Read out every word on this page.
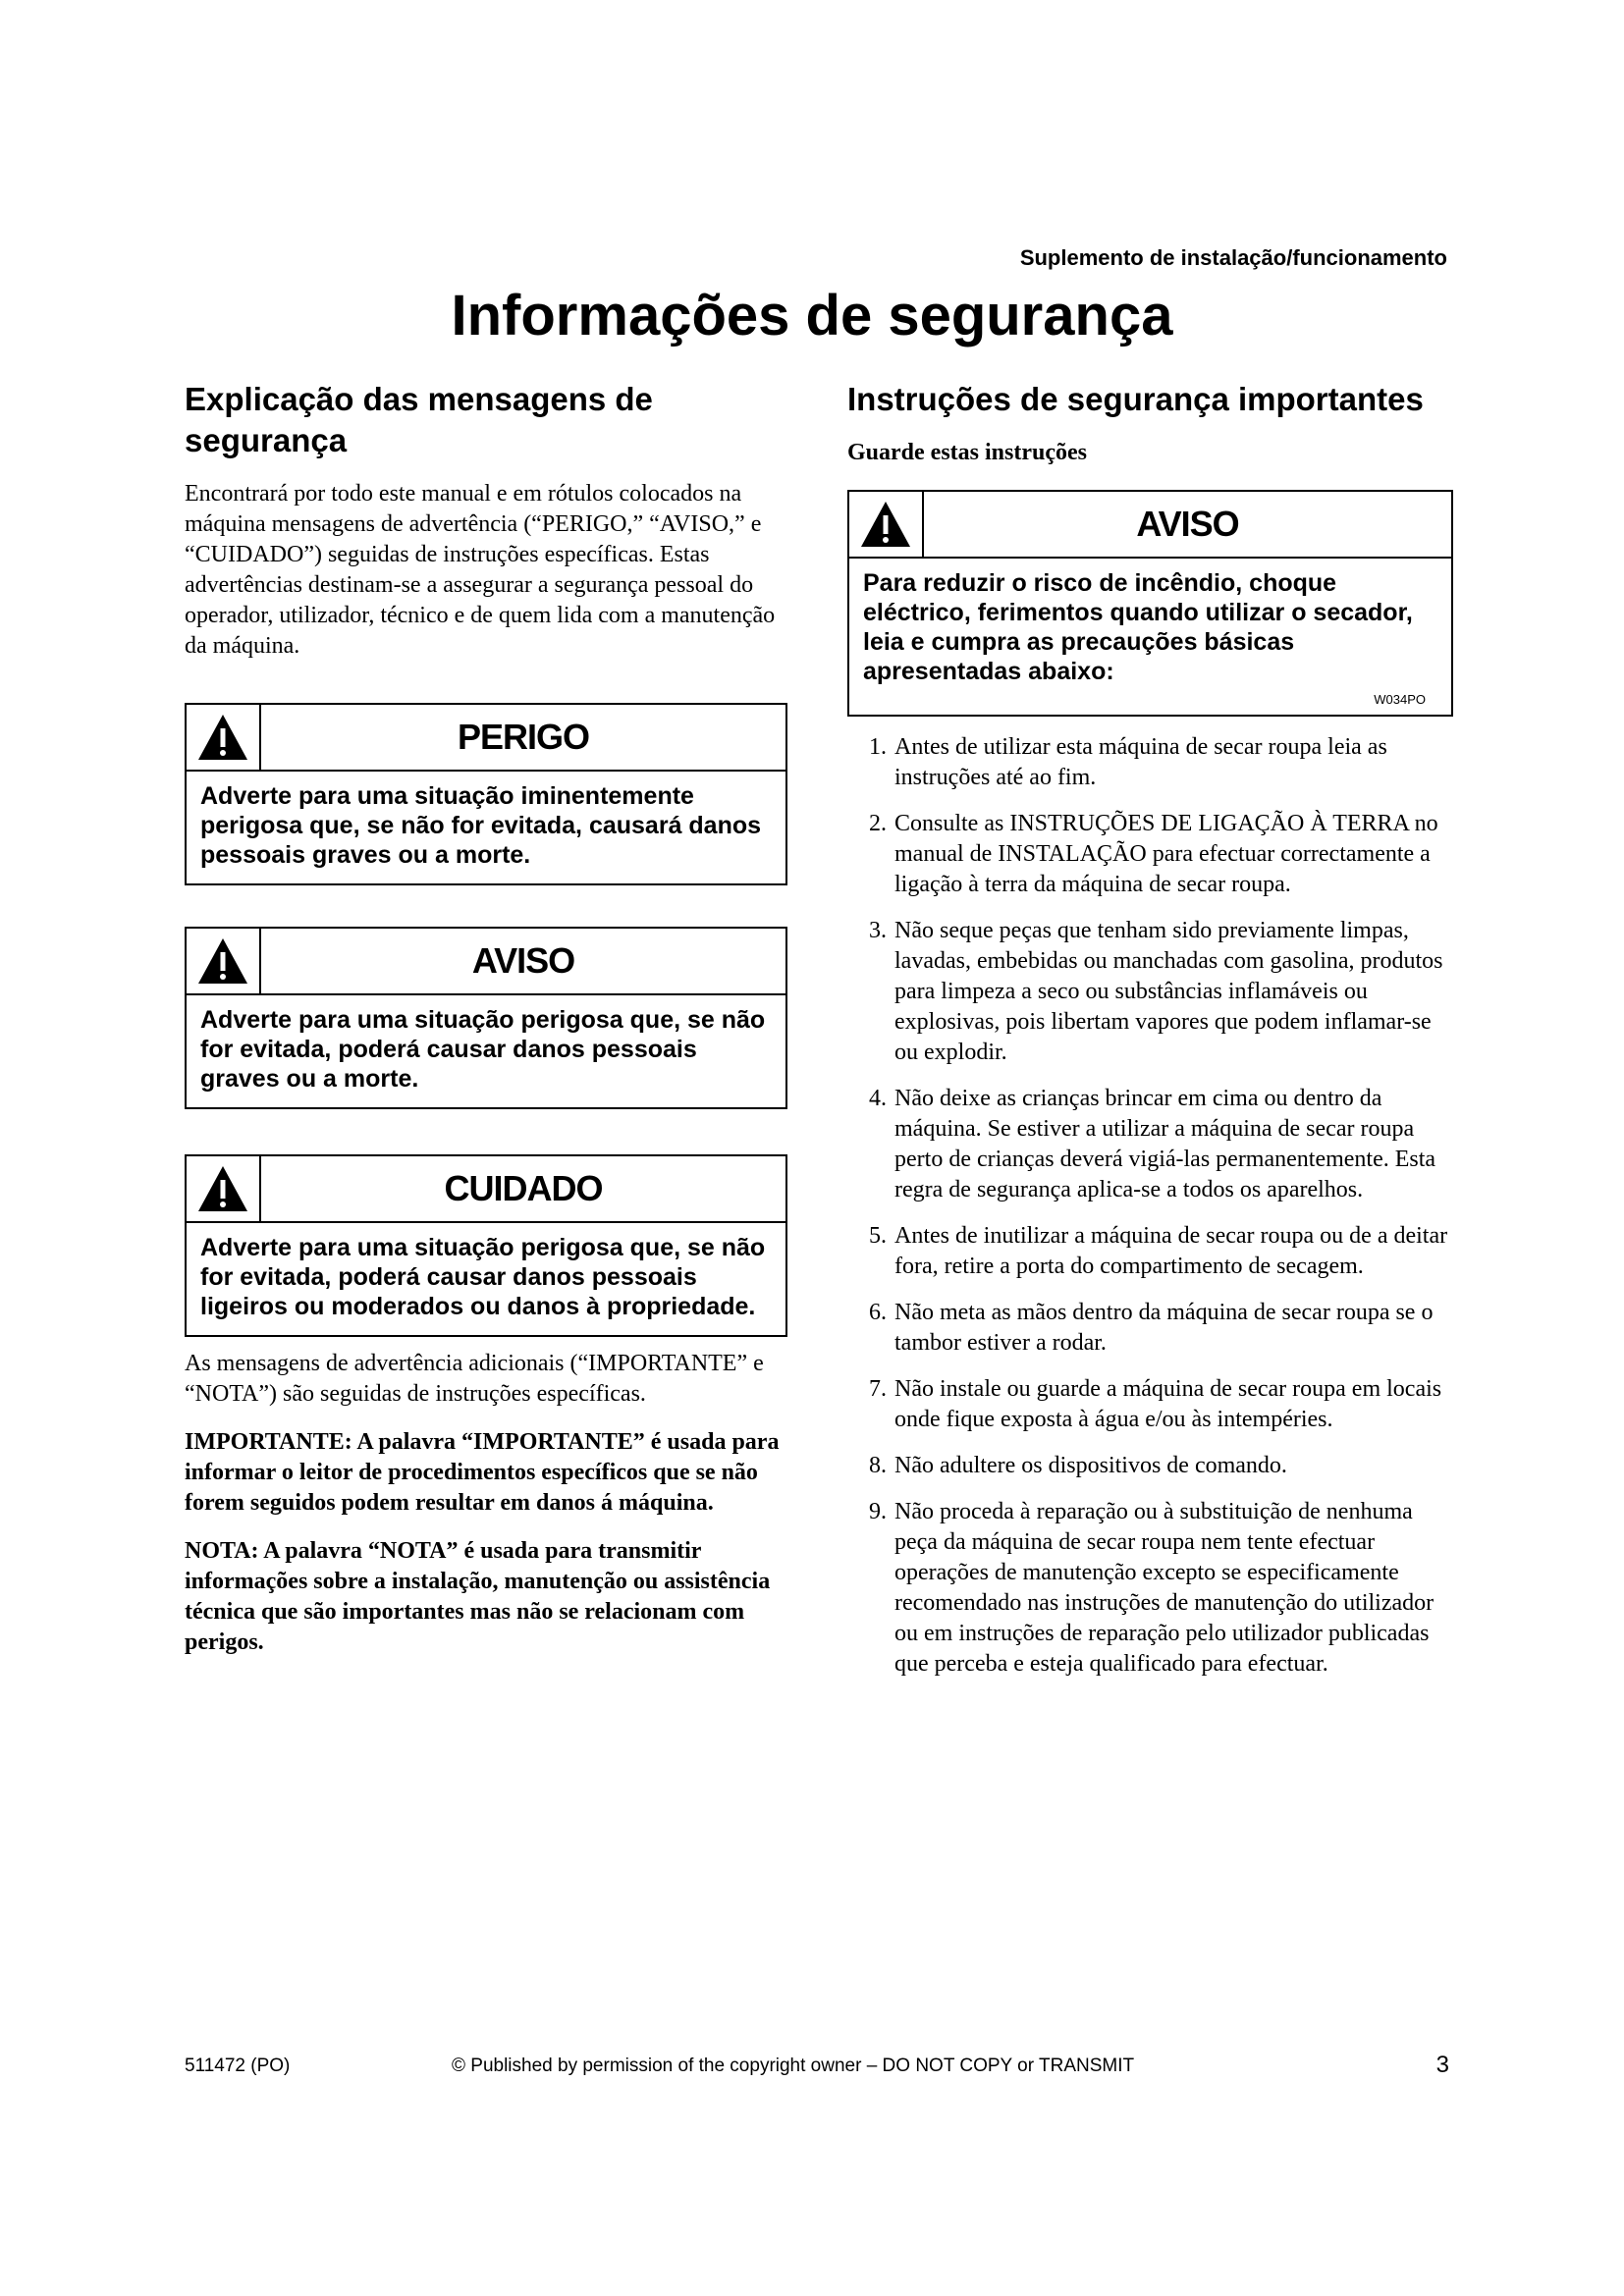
Suplemento de instalação/funcionamento
Informações de segurança
Explicação das mensagens de segurança

Encontrará por todo este manual e em rótulos colocados na máquina mensagens de advertência (“PERIGO,” “AVISO,” e “CUIDADO”) seguidas de instruções específicas. Estas advertências destinam-se a assegurar a segurança pessoal do operador, utilizador, técnico e de quem lida com a manutenção da máquina.

PERIGO
Adverte para uma situação iminentemente perigosa que, se não for evitada, causará danos pessoais graves ou a morte.
AVISO
Adverte para uma situação perigosa que, se não for evitada, poderá causar danos pessoais graves ou a morte.
CUIDADO
Adverte para uma situação perigosa que, se não for evitada, poderá causar danos pessoais ligeiros ou moderados ou danos à propriedade.

As mensagens de advertência adicionais (“IMPORTANTE” e “NOTA”) são seguidas de instruções específicas.

IMPORTANTE: A palavra “IMPORTANTE” é usada para informar o leitor de procedimentos específicos que se não forem seguidos podem resultar em danos á máquina.

NOTA: A palavra “NOTA” é usada para transmitir informações sobre a instalação, manutenção ou assistência técnica que são importantes mas não se relacionam com perigos.

Instruções de segurança importantes

Guarde estas instruções

AVISO
Para reduzir o risco de incêndio, choque eléctrico, ferimentos quando utilizar o secador, leia e cumpra as precauções básicas apresentadas abaixo:
W034PO
1. Antes de utilizar esta máquina de secar roupa leia as instruções até ao fim.
2. Consulte as INSTRUÇÕES DE LIGAÇÃO À TERRA no manual de INSTALAÇÃO para efectuar correctamente a ligação à terra da máquina de secar roupa.
3. Não seque peças que tenham sido previamente limpas, lavadas, embebidas ou manchadas com gasolina, produtos para limpeza a seco ou substâncias inflamáveis ou explosivas, pois libertam vapores que podem inflamar-se ou explodir.
4. Não deixe as crianças brincar em cima ou dentro da máquina. Se estiver a utilizar a máquina de secar roupa perto de crianças deverá vigiá-las permanentemente. Esta regra de segurança aplica-se a todos os aparelhos.
5. Antes de inutilizar a máquina de secar roupa ou de a deitar fora, retire a porta do compartimento de secagem.
6. Não meta as mãos dentro da máquina de secar roupa se o tambor estiver a rodar.
7. Não instale ou guarde a máquina de secar roupa em locais onde fique exposta à água e/ou às intempéries.
8. Não adultere os dispositivos de comando.
9. Não proceda à reparação ou à substituição de nenhuma peça da máquina de secar roupa nem tente efectuar operações de manutenção excepto se especificamente recomendado nas instruções de manutenção do utilizador ou em instruções de reparação pelo utilizador publicadas que perceba e esteja qualificado para efectuar.
511472 (PO)	© Published by permission of the copyright owner – DO NOT COPY or TRANSMIT	3
